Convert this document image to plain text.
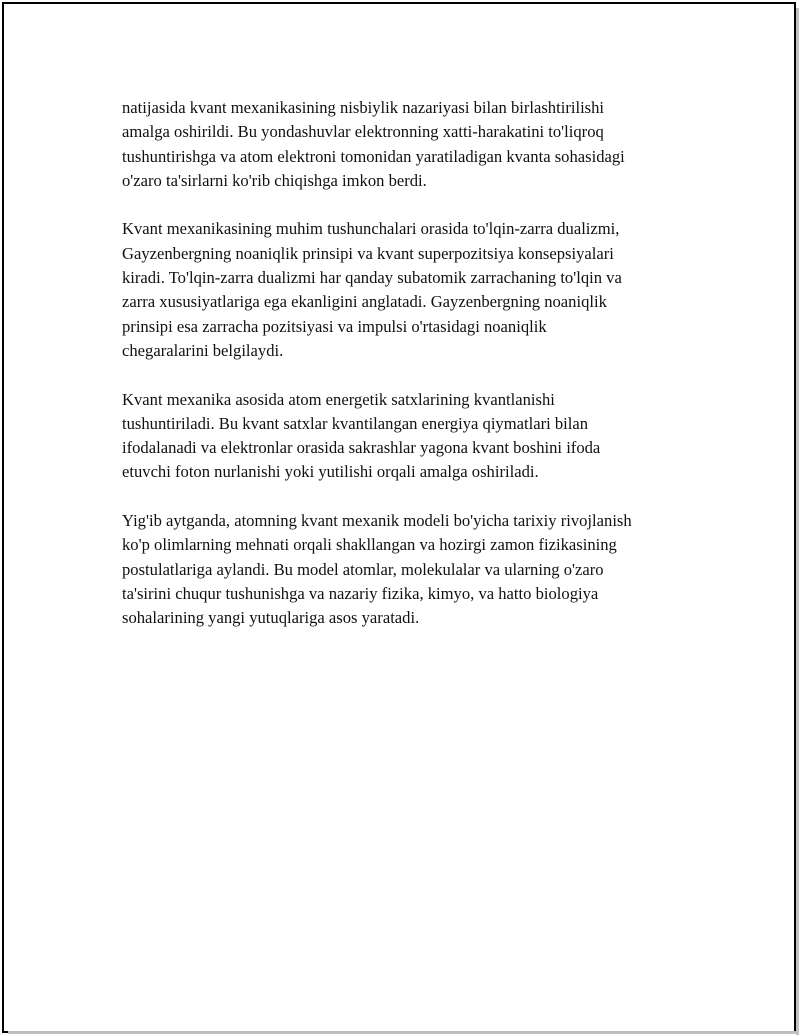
natijasida kvant mexanikasining nisbiylik nazariyasi bilan birlashtirilishi
amalga oshirildi. Bu yondashuvlar elektronning xatti-harakatini to'liqroq
tushuntirishga va atom elektroni tomonidan yaratiladigan kvanta sohasidagi
o'zaro ta'sirlarni ko'rib chiqishga imkon berdi.

Kvant mexanikasining muhim tushunchalari orasida to'lqin-zarra dualizmi,
Gayzenbergning noaniqlik prinsipi va kvant superpozitsiya konsepsiyalari
kiradi. To'lqin-zarra dualizmi har qanday subatomik zarrachaning to'lqin va
zarra xususiyatlariga ega ekanligini anglatadi. Gayzenbergning noaniqlik
prinsipi esa zarracha pozitsiyasi va impulsi o'rtasidagi noaniqlik
chegaralarini belgilaydi.

Kvant mexanika asosida atom energetik satxlarining kvantlanishi
tushuntiriladi. Bu kvant satxlar kvantilangan energiya qiymatlari bilan
ifodalanadi va elektronlar orasida sakrashlar yagona kvant boshini ifoda
etuvchi foton nurlanishi yoki yutilishi orqali amalga oshiriladi.

Yig'ib aytganda, atomning kvant mexanik modeli bo'yicha tarixiy rivojlanish
ko'p olimlarning mehnati orqali shakllangan va hozirgi zamon fizikasining
postulatlariga aylandi. Bu model atomlar, molekulalar va ularning o'zaro
ta'sirini chuqur tushunishga va nazariy fizika, kimyo, va hatto biologiya
sohalarining yangi yutuqlariga asos yaratadi.
